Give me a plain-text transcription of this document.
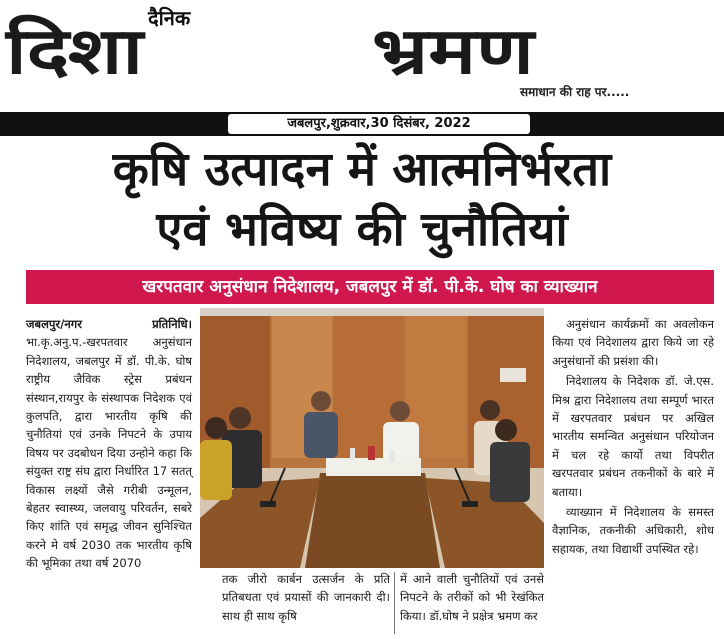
दैनिक
दिशा	भ्रमण
समाधान की राह पर.....
जबलपुर,शुक्रवार,30 दिसंबर, 2022
कृषि उत्पादन में आत्मनिर्भरता
एवं भविष्य की चुनौतियां
खरपतवार अनुसंधान निदेशालय, जबलपुर में डॉ. पी.के. घोष का व्याख्यान
जबलपुर/नगर	प्रतिनिधि।
भा.कृ.अनु.प.-खरपतवार अनुसंधान निदेशालय, जबलपुर में डॉ. पी.के. घोष राष्ट्रीय जैविक स्ट्रेस प्रबंधन संस्थान,रायपुर के संस्थापक निदेशक एवं कुलपति, द्वारा भारतीय कृषि की चुनौतियां एवं उनके निपटने के उपाय विषय पर उदबोधन दिया उन्होने कहा कि संयुक्त राष्ट्र संघ द्वारा निर्धारित 17 सतत् विकास लक्ष्यों जैसे गरीबी उन्मूलन, बेहतर स्वास्थ्य, जलवायु परिवर्तन, सबरे किए शांति एवं समृद्ध जीवन सुनिश्चित करने मे वर्ष 2030 तक भारतीय कृषि की भूमिका तथा वर्ष 2070
तक जीरो कार्बन उत्सर्जन के प्रति प्रतिबधता एवं प्रयासों की जानकारी दी। साथ ही साथ कृषि
में आने वाली चुनौतियों एवं उनसे निपटने के तरीकों को भी रेखंकित किया। डॉ.घोष ने प्रक्षेत्र भ्रमण कर

अनुसंधान कार्यक्रमों का अवलोकन किया एवं निदेशालय द्वारा किये जा रहे अनुसंधानों की प्रसंशा की।

निदेशालय के निदेशक डॉ. जे.एस. मिश्र द्वारा निदेशालय तथा सम्पूर्ण भारत में खरपतवार प्रबंधन पर अखिल भारतीय समन्वित अनुसंधान परियोजन में चल रहे कार्यो तथा विपरीत खरपतवार प्रबंधन तकनीकों के बारे में बताया।

व्याख्यान में निदेशालय के समस्त वैज्ञानिक, तकनीकी अधिकारी, शोध सहायक, तथा विद्यार्थी उपस्थित रहे।
